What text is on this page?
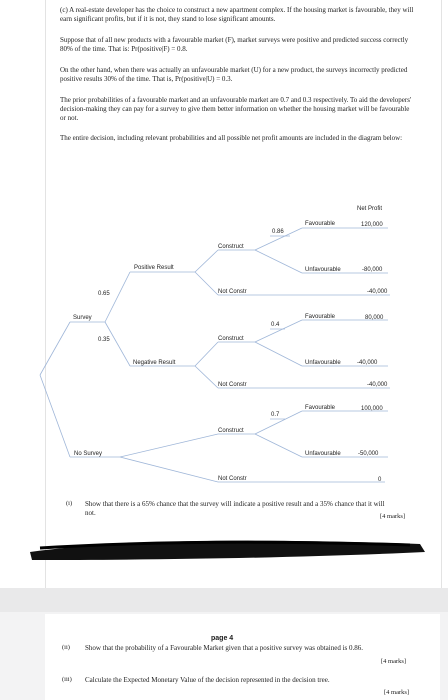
(c) A real-estate developer has the choice to construct a new apartment complex. If the housing market is favourable, they will earn significant profits, but if it is not, they stand to lose significant amounts.
Suppose that of all new products with a favourable market (F), market surveys were positive and predicted success correctly 80% of the time. That is: Pr(positive|F) = 0.8.
On the other hand, when there was actually an unfavourable market (U) for a new product, the surveys incorrectly predicted positive results 30% of the time. That is, Pr(positive|U) = 0.3.
The prior probabilities of a favourable market and an unfavourable market are 0.7 and 0.3 respectively. To aid the developers' decision-making they can pay for a survey to give them better information on whether the housing market will be favourable or not.
The entire decision, including relevant probabilities and all possible net profit amounts are included in the diagram below:
Net Profit
0.86
Favourable	120,000
Construct
Unfavourable	-80,000
Positive Result
0.65	Not Constr	-40,000
Survey	Favourable	80,000
0.4
0.35	Construct
Negative Result	Unfavourable	-40,000
Not Constr	-40,000
Favourable	100,000
0.7
Construct
No Survey	Unfavourable	-50,000
Not Constr	0
(i) Show that there is a 65% chance that the survey will indicate a positive result and a 35% chance that it will not.	[4 marks]
page 4
(ii) Show that the probability of a Favourable Market given that a positive survey was obtained is 0.86.
[4 marks]
(iii) Calculate the Expected Monetary Value of the decision represented in the decision tree.
[4 marks]
